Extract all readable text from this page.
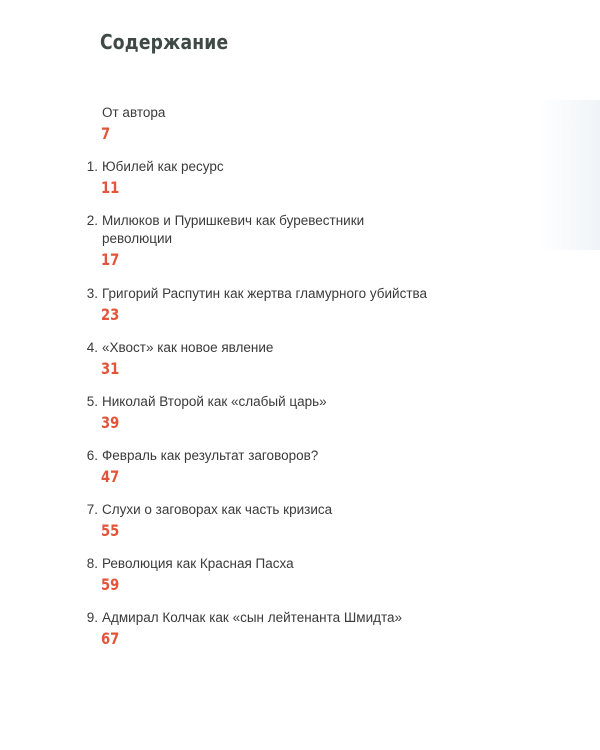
Содержание
От автора
7
1. Юбилей как ресурс
11
2. Милюков и Пуришкевич как буревестники революции
17
3. Григорий Распутин как жертва гламурного убийства
23
4. «Хвост» как новое явление
31
5. Николай Второй как «слабый царь»
39
6. Февраль как результат заговоров?
47
7. Слухи о заговорах как часть кризиса
55
8. Революция как Красная Пасха
59
9. Адмирал Колчак как «сын лейтенанта Шмидта»
67
